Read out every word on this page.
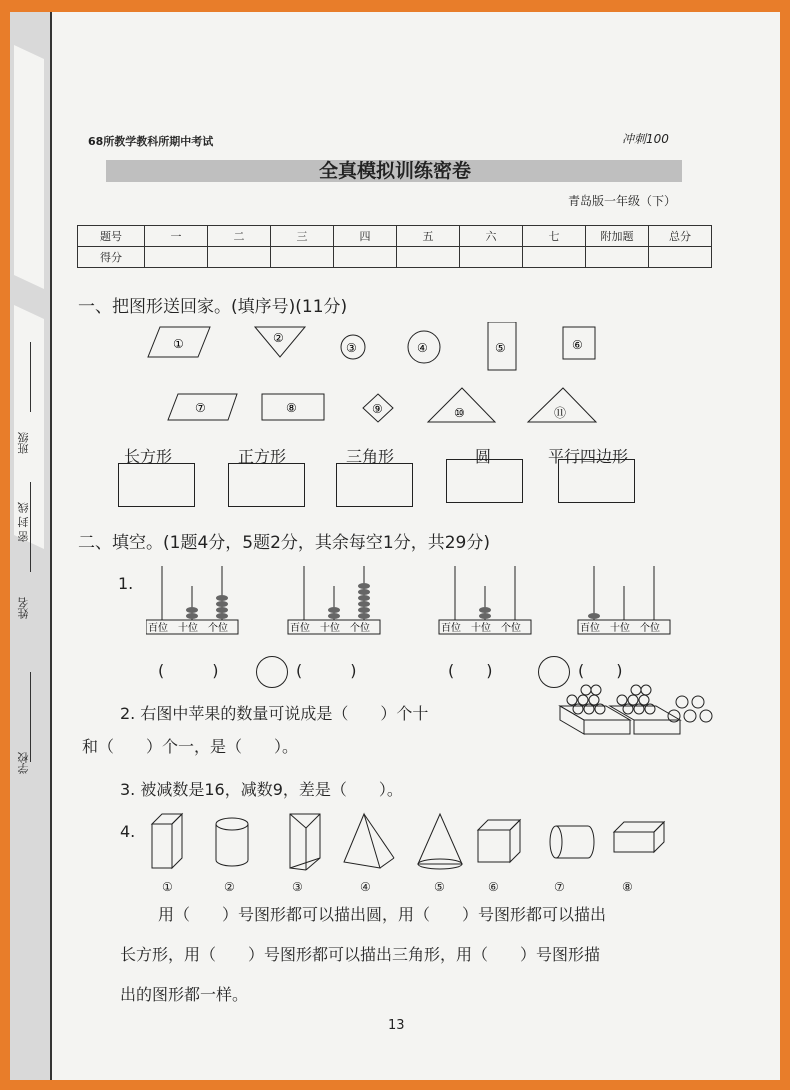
学校
姓名
密 封 线
班级
68所教学教科所期中考试	冲刺100
全真模拟训练密卷
青岛版一年级（下）
题号	一	二	三	四	五	六	七	附加题	总分
得分									
一、把图形送回家。(填序号)(11分)
①	②
③	④	⑤	⑥
⑦	⑧	⑨	⑩	⑪
长方形	正方形	三角形	圆	平行四边形
二、填空。(1题4分，5题2分，其余每空1分，共29分)
1.
百位 十位 个位	百位 十位 个位	百位 十位 个位	百位 十位 个位
(　　　)	(　　　)	(　　)	(　　)
2. 右图中苹果的数量可说成是（　　）个十
和（　　）个一，是（　　）。
3. 被减数是16，减数9，差是（　　）。
4.
①	②	③	④	⑤	⑥	⑦	⑧
用（　　）号图形都可以描出圆，用（　　）号图形都可以描出
长方形，用（　　）号图形都可以描出三角形，用（　　）号图形描
出的图形都一样。
13
